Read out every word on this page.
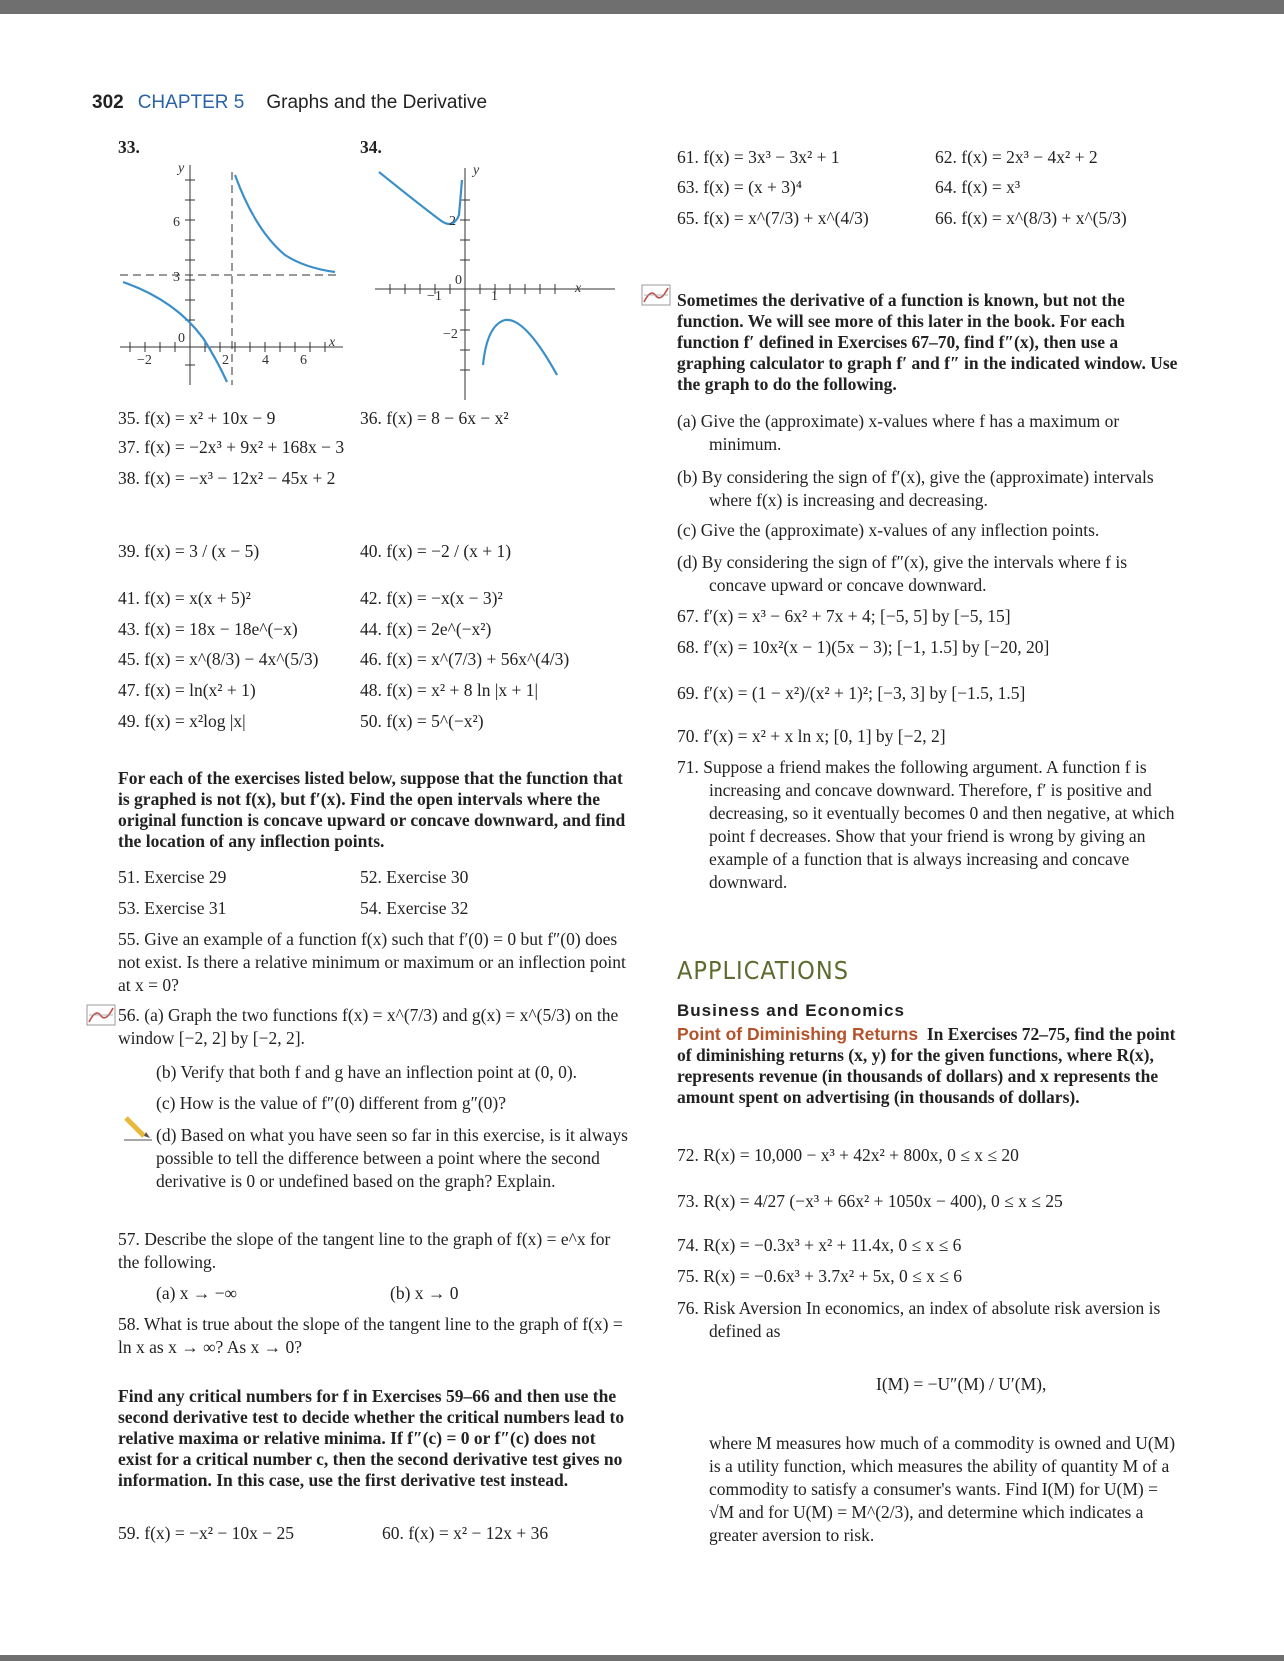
302 CHAPTER 5 Graphs and the Derivative
33.
y
6
3
0
−2	2 4 6
x
34.
y
2
0
−1	1
x
−2
35. f(x) = x² + 10x − 9	36. f(x) = 8 − 6x − x²
37. f(x) = −2x³ + 9x² + 168x − 3
38. f(x) = −x³ − 12x² − 45x + 2
39. f(x) = 3 / (x − 5)	40. f(x) = −2 / (x + 1)
41. f(x) = x(x + 5)²	42. f(x) = −x(x − 3)²
43. f(x) = 18x − 18e^(−x)	44. f(x) = 2e^(−x²)
45. f(x) = x^(8/3) − 4x^(5/3) 46. f(x) = x^(7/3) + 56x^(4/3)
47. f(x) = ln(x² + 1)	48. f(x) = x² + 8 ln |x + 1|
49. f(x) = x²log |x|	50. f(x) = 5^(−x²)
For each of the exercises listed below, suppose that the function that is graphed is not f(x), but f′(x). Find the open intervals where the original function is concave upward or concave downward, and find the location of any inflection points.
51. Exercise 29	52. Exercise 30
53. Exercise 31	54. Exercise 32
55. Give an example of a function f(x) such that f′(0) = 0 but f″(0) does not exist. Is there a relative minimum or maximum or an inflection point at x = 0?
56. (a) Graph the two functions f(x) = x^(7/3) and g(x) = x^(5/3) on the window [−2, 2] by [−2, 2].
(b) Verify that both f and g have an inflection point at (0, 0).
(c) How is the value of f″(0) different from g″(0)?
(d) Based on what you have seen so far in this exercise, is it always possible to tell the difference between a point where the second derivative is 0 or undefined based on the graph? Explain.
57. Describe the slope of the tangent line to the graph of f(x) = e^x for the following.
(a) x → −∞	(b) x → 0
58. What is true about the slope of the tangent line to the graph of f(x) = ln x as x → ∞? As x → 0?
Find any critical numbers for f in Exercises 59–66 and then use the second derivative test to decide whether the critical numbers lead to relative maxima or relative minima. If f″(c) = 0 or f″(c) does not exist for a critical number c, then the second derivative test gives no information. In this case, use the first derivative test instead.
59. f(x) = −x² − 10x − 25	60. f(x) = x² − 12x + 36
61. f(x) = 3x³ − 3x² + 1	62. f(x) = 2x³ − 4x² + 2
63. f(x) = (x + 3)⁴	64. f(x) = x³
65. f(x) = x^(7/3) + x^(4/3)	66. f(x) = x^(8/3) + x^(5/3)
Sometimes the derivative of a function is known, but not the function. We will see more of this later in the book. For each function f′ defined in Exercises 67–70, find f″(x), then use a graphing calculator to graph f′ and f″ in the indicated window. Use the graph to do the following.
(a) Give the (approximate) x-values where f has a maximum or minimum.
(b) By considering the sign of f′(x), give the (approximate) intervals where f(x) is increasing and decreasing.
(c) Give the (approximate) x-values of any inflection points.
(d) By considering the sign of f″(x), give the intervals where f is concave upward or concave downward.
67. f′(x) = x³ − 6x² + 7x + 4; [−5, 5] by [−5, 15]
68. f′(x) = 10x²(x − 1)(5x − 3); [−1, 1.5] by [−20, 20]
69. f′(x) = (1 − x²)/(x² + 1)²; [−3, 3] by [−1.5, 1.5]
70. f′(x) = x² + x ln x; [0, 1] by [−2, 2]
71. Suppose a friend makes the following argument. A function f is increasing and concave downward. Therefore, f′ is positive and decreasing, so it eventually becomes 0 and then negative, at which point f decreases. Show that your friend is wrong by giving an example of a function that is always increasing and concave downward.
APPLICATIONS
Business and Economics
Point of Diminishing Returns In Exercises 72–75, find the point of diminishing returns (x, y) for the given functions, where R(x), represents revenue (in thousands of dollars) and x represents the amount spent on advertising (in thousands of dollars).
72. R(x) = 10,000 − x³ + 42x² + 800x, 0 ≤ x ≤ 20
73. R(x) = 4/27 (−x³ + 66x² + 1050x − 400), 0 ≤ x ≤ 25
74. R(x) = −0.3x³ + x² + 11.4x, 0 ≤ x ≤ 6
75. R(x) = −0.6x³ + 3.7x² + 5x, 0 ≤ x ≤ 6
76. Risk Aversion In economics, an index of absolute risk aversion is defined as
I(M) = −U″(M) / U′(M),
where M measures how much of a commodity is owned and U(M) is a utility function, which measures the ability of quantity M of a commodity to satisfy a consumer's wants. Find I(M) for U(M) = √M and for U(M) = M^(2/3), and determine which indicates a greater aversion to risk.
